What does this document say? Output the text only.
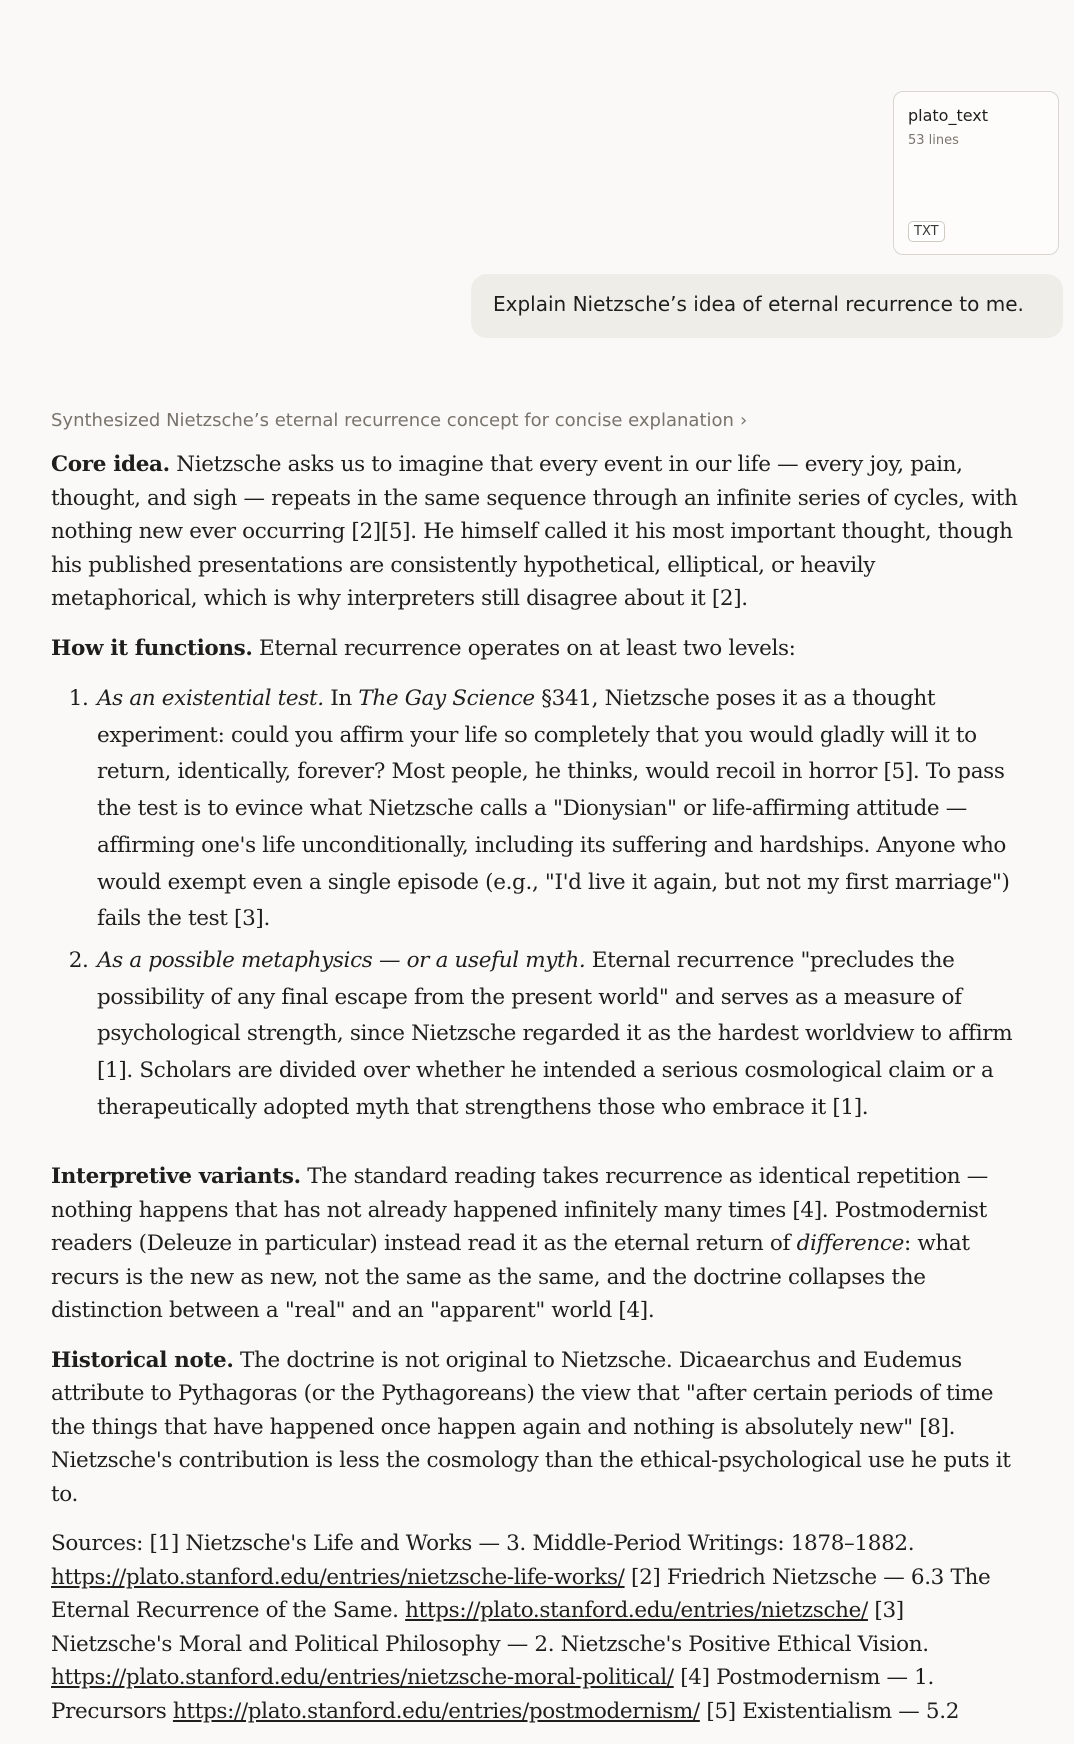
plato_text
53 lines
TXT
Explain Nietzsche’s idea of eternal recurrence to me.
Synthesized Nietzsche’s eternal recurrence concept for concise explanation ›

Core idea. Nietzsche asks us to imagine that every event in our life — every joy, pain, thought, and sigh — repeats in the same sequence through an infinite series of cycles, with nothing new ever occurring [2][5]. He himself called it his most important thought, though his published presentations are consistently hypothetical, elliptical, or heavily metaphorical, which is why interpreters still disagree about it [2].

How it functions. Eternal recurrence operates on at least two levels:

1. As an existential test. In The Gay Science §341, Nietzsche poses it as a thought experiment: could you affirm your life so completely that you would gladly will it to return, identically, forever? Most people, he thinks, would recoil in horror [5]. To pass the test is to evince what Nietzsche calls a "Dionysian" or life-affirming attitude — affirming one's life unconditionally, including its suffering and hardships. Anyone who would exempt even a single episode (e.g., "I'd live it again, but not my first marriage") fails the test [3].
2. As a possible metaphysics — or a useful myth. Eternal recurrence "precludes the possibility of any final escape from the present world" and serves as a measure of psychological strength, since Nietzsche regarded it as the hardest worldview to affirm [1]. Scholars are divided over whether he intended a serious cosmological claim or a therapeutically adopted myth that strengthens those who embrace it [1].

Interpretive variants. The standard reading takes recurrence as identical repetition — nothing happens that has not already happened infinitely many times [4]. Postmodernist readers (Deleuze in particular) instead read it as the eternal return of difference: what recurs is the new as new, not the same as the same, and the doctrine collapses the distinction between a "real" and an "apparent" world [4].

Historical note. The doctrine is not original to Nietzsche. Dicaearchus and Eudemus attribute to Pythagoras (or the Pythagoreans) the view that "after certain periods of time the things that have happened once happen again and nothing is absolutely new" [8]. Nietzsche's contribution is less the cosmology than the ethical-psychological use he puts it to.

Sources: [1] Nietzsche's Life and Works — 3. Middle-Period Writings: 1878–1882. https://plato.stanford.edu/entries/nietzsche-life-works/ [2] Friedrich Nietzsche — 6.3 The Eternal Recurrence of the Same. https://plato.stanford.edu/entries/nietzsche/ [3] Nietzsche's Moral and Political Philosophy — 2. Nietzsche's Positive Ethical Vision. https://plato.stanford.edu/entries/nietzsche-moral-political/ [4] Postmodernism — 1. Precursors https://plato.stanford.edu/entries/postmodernism/ [5] Existentialism — 5.2
